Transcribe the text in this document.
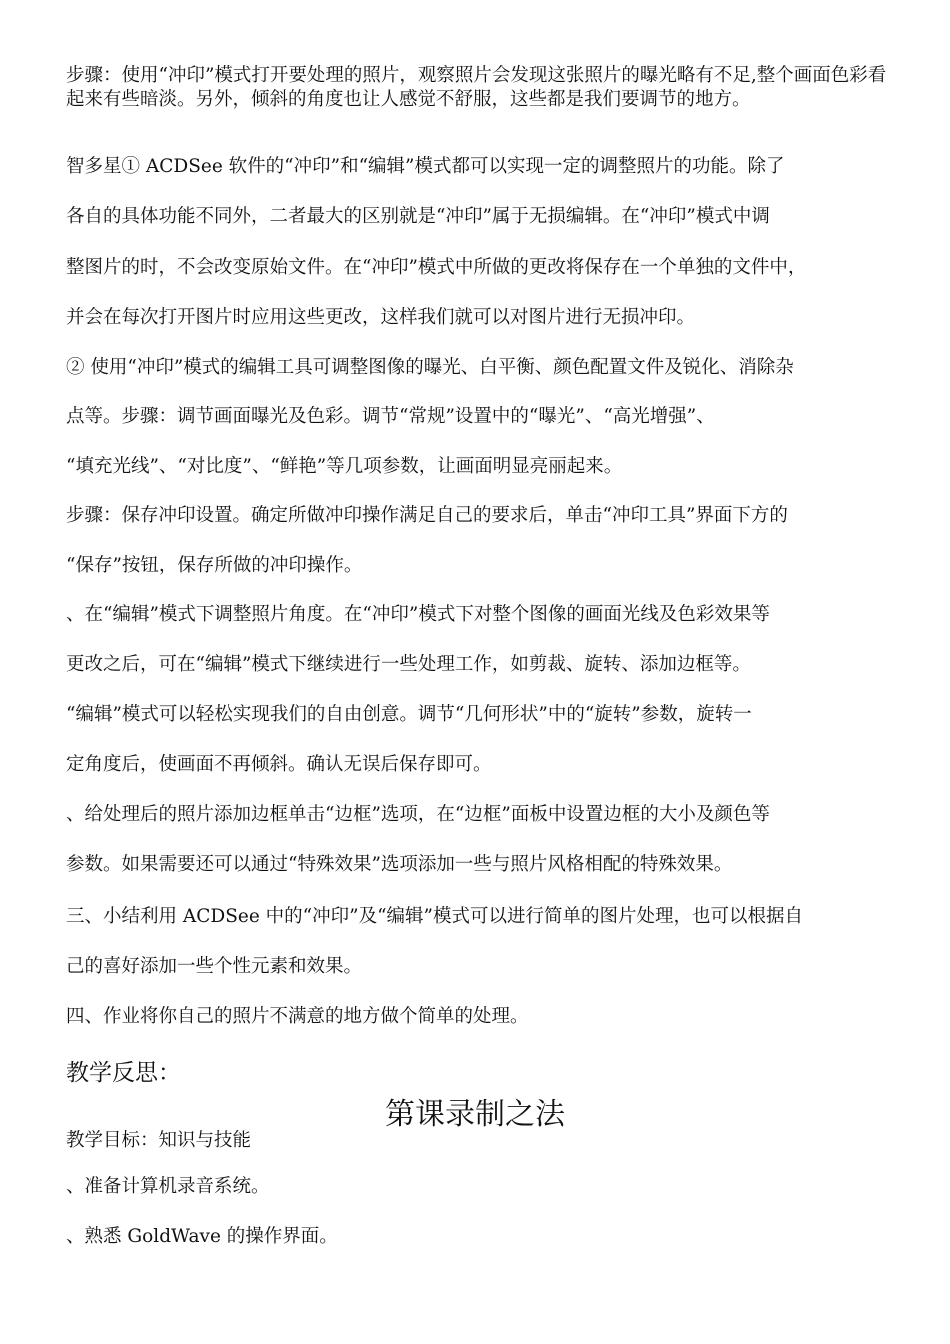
步骤：使用“冲印”模式打开要处理的照片，观察照片会发现这张照片的曝光略有不足,整个画面色彩看起来有些暗淡。另外，倾斜的角度也让人感觉不舒服，这些都是我们要调节的地方。
智多星① ACDSee 软件的“冲印”和“编辑”模式都可以实现一定的调整照片的功能。除了
各自的具体功能不同外，二者最大的区别就是“冲印”属于无损编辑。在“冲印”模式中调
整图片的时，不会改变原始文件。在“冲印”模式中所做的更改将保存在一个单独的文件中，
并会在每次打开图片时应用这些更改，这样我们就可以对图片进行无损冲印。
② 使用“冲印”模式的编辑工具可调整图像的曝光、白平衡、颜色配置文件及锐化、消除杂
点等。步骤：调节画面曝光及色彩。调节“常规”设置中的“曝光”、“高光增强”、
“填充光线”、“对比度”、“鲜艳”等几项参数，让画面明显亮丽起来。
步骤：保存冲印设置。确定所做冲印操作满足自己的要求后，单击“冲印工具”界面下方的
“保存”按钮，保存所做的冲印操作。
、在“编辑”模式下调整照片角度。在“冲印”模式下对整个图像的画面光线及色彩效果等
更改之后，可在“编辑”模式下继续进行一些处理工作，如剪裁、旋转、添加边框等。
“编辑”模式可以轻松实现我们的自由创意。调节“几何形状”中的“旋转”参数，旋转一
定角度后，使画面不再倾斜。确认无误后保存即可。
、给处理后的照片添加边框单击“边框”选项，在“边框”面板中设置边框的大小及颜色等
参数。如果需要还可以通过“特殊效果”选项添加一些与照片风格相配的特殊效果。
三、小结利用 ACDSee 中的“冲印”及“编辑”模式可以进行简单的图片处理，也可以根据自
己的喜好添加一些个性元素和效果。
四、作业将你自己的照片不满意的地方做个简单的处理。
教学反思：
第课录制之法
教学目标：知识与技能
、准备计算机录音系统。
、熟悉 GoldWave 的操作界面。
